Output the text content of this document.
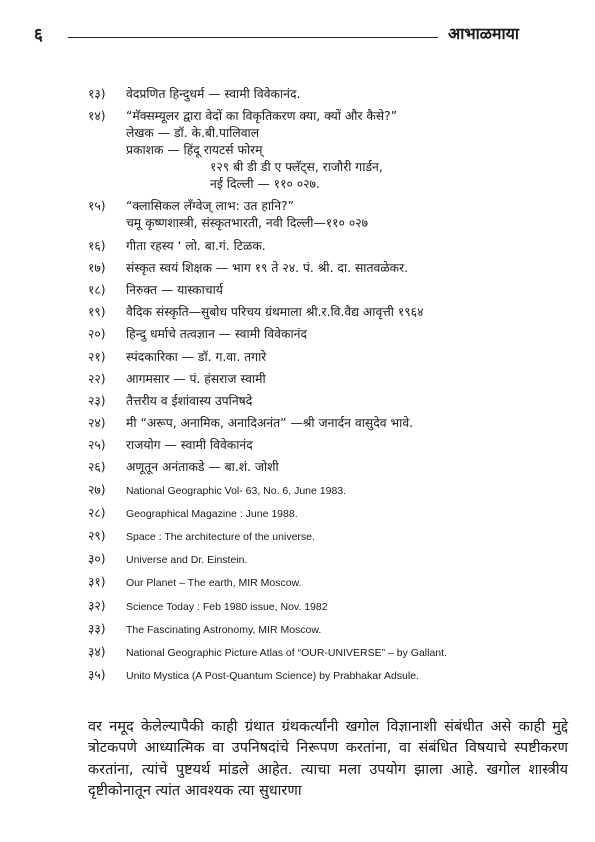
६	आभाळमाया
१३) वेदप्रणित हिन्दुधर्म — स्वामी विवेकानंद.
१४) “मॅक्सम्यूलर द्वारा वेदों का विकृतिकरण क्या, क्यों और कैसे?”
लेखक — डॉ. के.बी.पालिवाल
प्रकाशक — हिंदू रायटर्स फोरम्
१२९ बी डी डी ए फ्लॅट्स, राजौरी गार्डन,
नई दिल्ली — ११० ०२७.
१५) “क्लासिकल लँग्वेज् लाभ: उत हानि?”
चमू कृष्णशास्त्री, संस्कृतभारती, नवी दिल्ली—११० ०२७
१६) गीता रहस्य ‘ लो. बा.गं. टिळक.
१७) संस्कृत स्वयं शिक्षक — भाग १९ ते २४. पं. श्री. दा. सातवळेकर.
१८) निरुक्त — यास्काचार्य
१९) वैदिक संस्कृति—सुबोध परिचय ग्रंथमाला श्री.र.वि.वैद्य आवृत्ती १९६४
२०) हिन्दु धर्माचे तत्वज्ञान — स्वामी विवेकानंद
२१) स्पंदकारिका — डॉ. ग.वा. तगारे
२२) आगमसार — पं. हंसराज स्वामी
२३) तैत्तरीय व ईशांवास्य उपनिषदे
२४) मी “अरूप, अनामिक, अनादिअनंत” —श्री जनार्दन वासुदेव भावे.
२५) राजयोग — स्वामी विवेकानंद
२६) अणूतून अनंताकडे — बा.शं. जोशी
२७) National Geographic Vol- 63, No. 6, June 1983.
२८) Geographical Magazine : June 1988.
२९) Space : The architecture of the universe.
३०) Universe and Dr. Einstein.
३१) Our Planet – The earth, MIR Moscow.
३२) Science Today : Feb 1980 issue, Nov. 1982
३३) The Fascinating Astronomy, MIR Moscow.
३४) National Geographic Picture Atlas of “OUR-UNIVERSE” – by Gallant.
३५) Unito Mystica (A Post-Quantum Science) by Prabhakar Adsule.

वर नमूद केलेल्यापैकी काही ग्रंथात ग्रंथकर्त्यांनी खगोल विज्ञानाशी संबंधीत असे काही मुद्दे त्रोटकपणे आध्यात्मिक वा उपनिषदांचे निरूपण करतांना, वा संबंधित विषयाचे स्पष्टीकरण करतांना, त्यांचे पुष्टयर्थ मांडले आहेत. त्याचा मला उपयोग झाला आहे. खगोल शास्त्रीय दृष्टीकोनातून त्यांत आवश्यक त्या सुधारणा
